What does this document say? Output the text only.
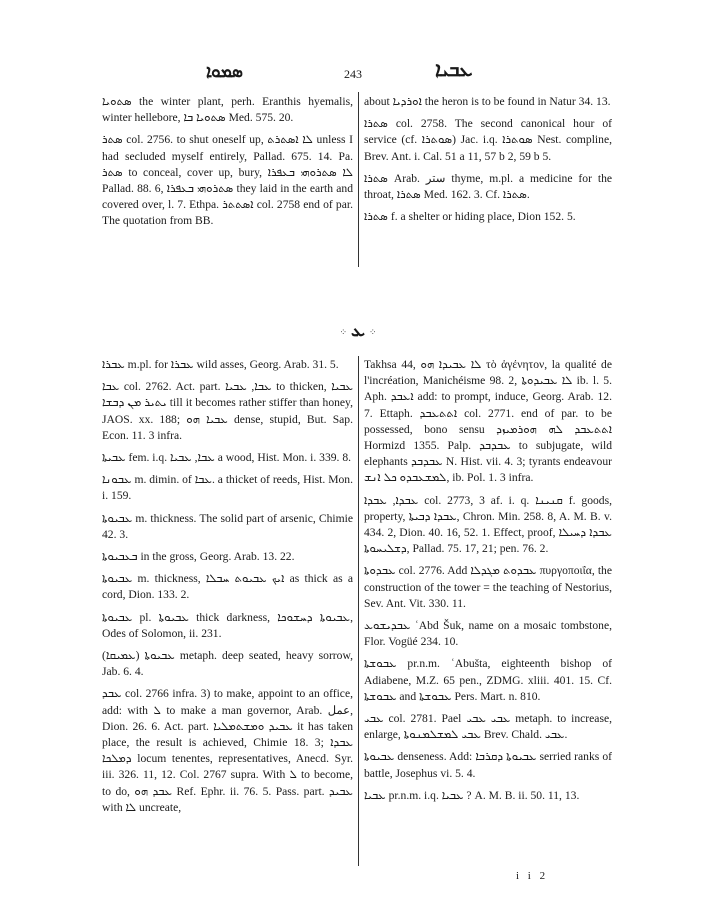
ܣܡܘܐ	243	ܥܒܝܐ

ܣܬܘܝܐ the winter plant, perh. Eranthis hyemalis, winter hellebore, ܣܬܘܝܐ ܒܐ Med. 575. 20.

ܣܬܪ col. 2756. to shut oneself up, ܠܐ ܐܣܬܪܬ unless I had secluded myself entirely, Pallad. 675. 14. Pa. ܣܬܪ to conceal, cover up, bury, ܠܐ ܣܬܪܘܗܝ ܒܥܦܪܐ Pallad. 88. 6, ܣܬܪܘܗܝ ܒܥܦܪܐ they laid in the earth and covered over, l. 7. Ethpa. ܐܣܬܬܪ col. 2758 end of par. The quotation from BB.

about ܐܘܪܕܝܐ the heron is to be found in Natur 34. 13.

ܣܬܪܐ col. 2758. The second canonical hour of service (cf. ܣܘܬܪܐ) Jac. i.q. ܣܘܬܪܐ Nest. compline, Brev. Ant. i. Cal. 51 a 11, 57 b 2, 59 b 5.

ܣܬܪܐ Arab. ستر thyme, m.pl. a medicine for the throat, ܣܬܪܐ Med. 162. 3. Cf. ܣܬܪܐ.

ܣܬܪܐ f. a shelter or hiding place, Dion 152. 5.

⁘ ܥ ⁘

ܥܒܪܐ m.pl. for ܥܒܪܐ wild asses, Georg. Arab. 31. 5.

ܥܒܐ col. 2762. Act. part. ܥܒܐ, ܥܒܝܐ to thicken, ܥܒܝܐ ܝܬܝܪ ܡܢ ܕܒܫܐ till it becomes rather stiffer than honey, JAOS. xx. 188; ܥܒܝܐ ܗܘ dense, stupid, But. Sap. Econ. 11. 3 infra.

ܥܒܝܬܐ fem. i.q. ܥܒܐ, ܥܒܝܐ a wood, Hist. Mon. i. 339. 8.

ܥܒܘܢܐ m. dimin. of ܥܒܐ. a thicket of reeds, Hist. Mon. i. 159.

ܥܒܝܘܬܐ m. thickness. The solid part of arsenic, Chimie 42. 3.

ܒܥܒܝܘܬܐ in the gross, Georg. Arab. 13. 22.

ܥܒܝܘܬܐ m. thickness, ܐܝܟ ܥܒܝܘܬ ܚܒܠܐ as thick as a cord, Dion. 133. 2.

ܥܒܝܘܬܐ pl. ܥܒܝܘܬܐ thick darkness, ܥܒܝܘܬܐ ܕܚܫܘܟܐ, Odes of Solomon, ii. 231.

ܥܒܝܘܬܐ (ܥܡܝܩܐ) metaph. deep seated, heavy sorrow, Jab. 6. 4.

ܥܒܕ col. 2766 infra. 3) to make, appoint to an office, add: with ܠ to make a man governor, Arab. عمل, Dion. 26. 6. Act. part. ܥܒܝܕ ܘܡܫܬܡܠܝܐ it has taken place, the result is achieved, Chimie 18. 3; ܥܒܕܐ ܕܡܠܟܐ locum tenentes, representatives, Anecd. Syr. iii. 326. 11, 12. Col. 2767 supra. With ܠ to become, to do, ܥܒܕ ܗܘ Ref. Ephr. ii. 76. 5. Pass. part. ܥܒܝܕ with ܠܐ uncreate,

Takhsa 44, ܠܐ ܥܒܝܕܐ ܗܘ τὸ ἀγένητον, la qualité de l'incréation, Manichéisme 98. 2, ܠܐ ܥܒܝܕܘܬܐ ib. l. 5. Aph. ܐܥܒܕ add: to prompt, induce, Georg. Arab. 12. 7. Ettaph. ܐܬܬܥܒܕ col. 2771. end of par. to be possessed, bono sensu ܐܬܬܥܒܕ ܠܗ ܗܘܪܡܝܙܕ Hormizd 1355. Palp. ܥܒܕܒܕ to subjugate, wild elephants ܥܒܕܒܕ N. Hist. vii. 4. 3; tyrants endeavour ܠܡܫܥܒܕܘ ܟܠ ܐܢܫ, ib. Pol. 1. 3 infra.

ܥܒܕܐ, ܥܒܕܐ col. 2773, 3 af. i. q. ܩܢܝܢܐ f. goods, property, ܥܒܕܐ ܕܒܝܬܐ, Chron. Min. 258. 8, A. M. B. v. 434. 2, Dion. 40. 16, 52. 1. Effect, proof, ܥܒܕܐ ܕܚܝܠܐ ܕܫܠܝܚܘܬܐ, Pallad. 75. 17, 21; pen. 76. 2.

ܥܒܕܘܬܐ col. 2776. Add ܥܒܕܘܬ ܡܓܕܠܐ πυργοποιΐα, the construction of the tower = the teaching of Nestorius, Sev. Ant. Vit. 330. 11.

ܥܒܕܝܫܘܥ ʿAbd Šuk, name on a mosaic tombstone, Flor. Vogüé 234. 10.

ܥܒܘܫܬܐ pr.n.m. ʿAbušta, eighteenth bishop of Adiabene, M.Z. 65 pen., ZDMG. xliii. 401. 15. Cf. ܥܒܘܫܬܐ and ܥܒܘܫܬܐ Pers. Mart. n. 810.

ܥܒܝ col. 2781. Pael ܥܒܝ ܥܒܝ metaph. to increase, enlarge, ܥܒܝ ܠܡܫܠܡܢܘܬܐ Brev. Chald. ܥܒܝ.

ܥܒܝܘܬܐ denseness. Add: ܥܒܝܘܬܐ ܕܩܪܒܐ serried ranks of battle, Josephus vi. 5. 4.

ܥܒܝܐ pr.n.m. i.q. ܥܒܝܐ ? A. M. B. ii. 50. 11, 13.

i i 2
